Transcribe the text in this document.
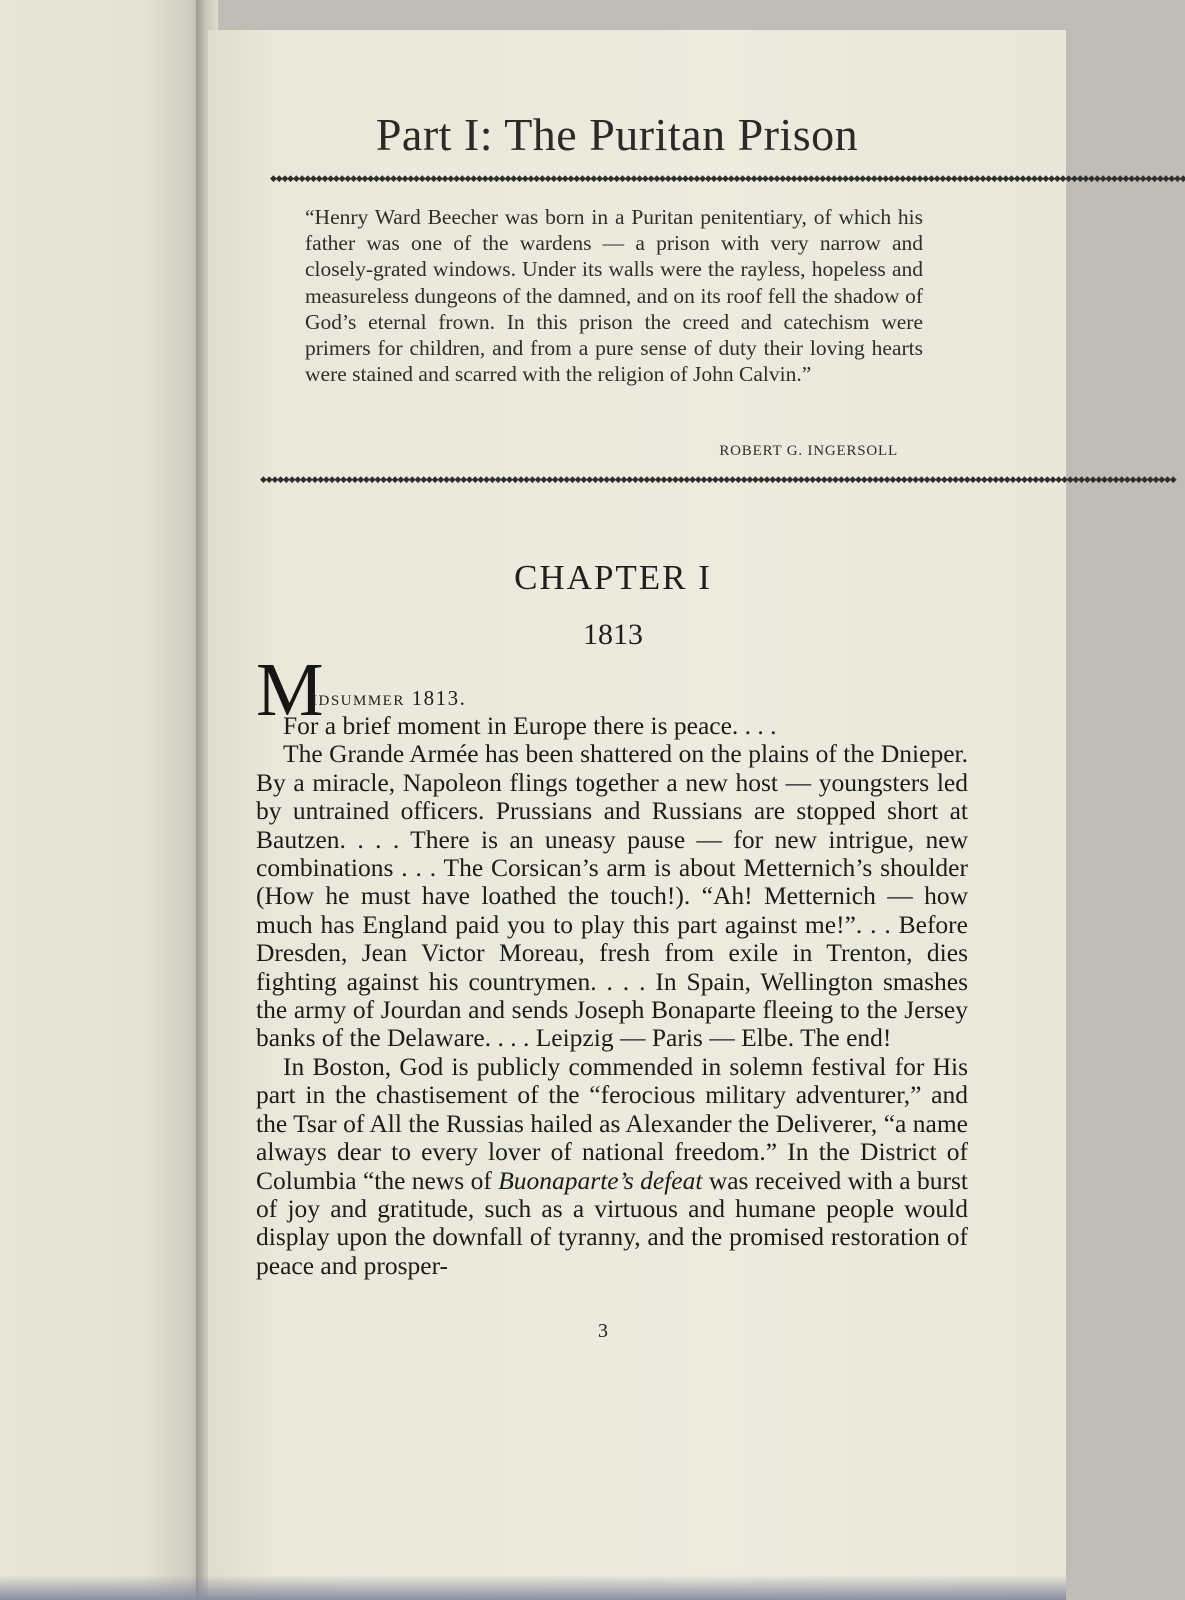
Part I: The Puritan Prison
◆◆◆◆◆◆◆◆◆◆◆◆◆◆◆◆◆◆◆◆◆◆◆◆◆◆◆◆◆◆◆◆◆◆◆◆◆◆◆◆◆◆◆◆◆◆◆◆◆◆◆◆◆◆◆◆◆◆◆◆◆◆◆◆◆◆◆◆◆◆◆◆◆◆◆◆◆◆◆◆◆◆◆◆◆◆◆◆◆◆◆◆◆◆◆◆◆◆◆◆◆◆◆◆◆◆◆◆◆◆◆◆◆◆◆◆◆◆◆◆◆◆◆◆◆◆◆◆◆◆◆◆◆◆◆◆◆◆◆◆◆◆◆◆◆◆◆◆◆◆◆◆◆◆◆◆◆◆◆◆

“Henry Ward Beecher was born in a Puritan penitentiary, of which his father was one of the wardens — a prison with very narrow and closely-grated windows. Under its walls were the rayless, hopeless and measureless dungeons of the damned, and on its roof fell the shadow of God’s eternal frown. In this prison the creed and catechism were primers for children, and from a pure sense of duty their loving hearts were stained and scarred with the religion of John Calvin.”

ROBERT G. INGERSOLL

◆◆◆◆◆◆◆◆◆◆◆◆◆◆◆◆◆◆◆◆◆◆◆◆◆◆◆◆◆◆◆◆◆◆◆◆◆◆◆◆◆◆◆◆◆◆◆◆◆◆◆◆◆◆◆◆◆◆◆◆◆◆◆◆◆◆◆◆◆◆◆◆◆◆◆◆◆◆◆◆◆◆◆◆◆◆◆◆◆◆◆◆◆◆◆◆◆◆◆◆◆◆◆◆◆◆◆◆◆◆◆◆◆◆◆◆◆◆◆◆◆◆◆◆◆◆◆◆◆◆◆◆◆◆◆◆◆◆◆◆◆◆◆◆◆◆◆◆◆◆◆◆◆◆◆◆◆◆◆◆
CHAPTER I

1813

M
idsummer 1813.

For a brief moment in Europe there is peace. . . .

The Grande Armée has been shattered on the plains of the Dnieper. By a miracle, Napoleon flings together a new host — youngsters led by untrained officers. Prussians and Russians are stopped short at Bautzen. . . . There is an uneasy pause — for new intrigue, new combinations . . . The Corsican’s arm is about Metternich’s shoulder (How he must have loathed the touch!). “Ah! Metternich — how much has England paid you to play this part against me!”. . . Before Dresden, Jean Victor Moreau, fresh from exile in Trenton, dies fighting against his countrymen. . . . In Spain, Wellington smashes the army of Jourdan and sends Joseph Bonaparte fleeing to the Jersey banks of the Delaware. . . . Leipzig — Paris — Elbe. The end!

In Boston, God is publicly commended in solemn festival for His part in the chastisement of the “ferocious military adventurer,” and the Tsar of All the Russias hailed as Alexander the Deliverer, “a name always dear to every lover of national freedom.” In the District of Columbia “the news of Buonaparte’s defeat was received with a burst of joy and gratitude, such as a virtuous and humane people would display upon the downfall of tyranny, and the promised restoration of peace and prosper-

3
